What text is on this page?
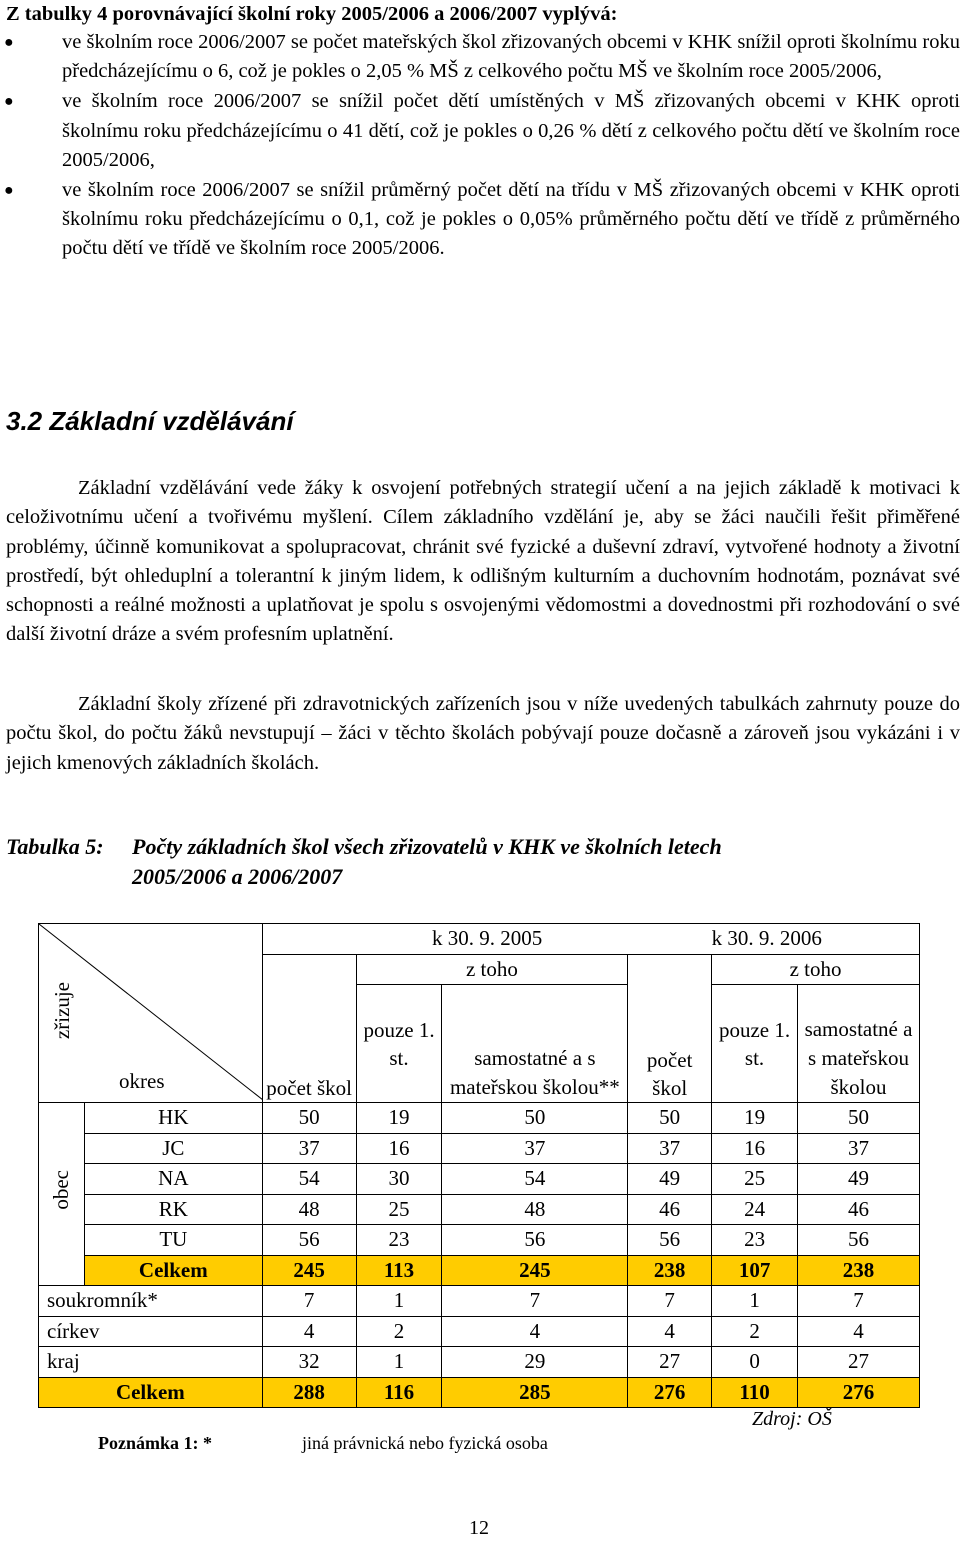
Z tabulky 4 porovnávající školní roky 2005/2006 a 2006/2007 vyplývá:
● ve školním roce 2006/2007 se počet mateřských škol zřizovaných obcemi v KHK snížil oproti školnímu roku předcházejícímu o 6, což je pokles o 2,05 % MŠ z celkového počtu MŠ ve školním roce 2005/2006,
● ve školním roce 2006/2007 se snížil počet dětí umístěných v MŠ zřizovaných obcemi v KHK oproti školnímu roku předcházejícímu o 41 dětí, což je pokles o 0,26 % dětí z celkového počtu dětí ve školním roce 2005/2006,
● ve školním roce 2006/2007 se snížil průměrný počet dětí na třídu v MŠ zřizovaných obcemi v KHK oproti školnímu roku předcházejícímu o 0,1, což je pokles o 0,05% průměrného počtu dětí ve třídě z průměrného počtu dětí ve třídě ve školním roce 2005/2006.
3.2 Základní vzdělávání

Základní vzdělávání vede žáky k osvojení potřebných strategií učení a na jejich základě k motivaci k celoživotnímu učení a tvořivému myšlení. Cílem základního vzdělání je, aby se žáci naučili řešit přiměřené problémy, účinně komunikovat a spolupracovat, chránit své fyzické a duševní zdraví, vytvořené hodnoty a životní prostředí, být ohleduplní a tolerantní k jiným lidem, k odlišným kulturním a duchovním hodnotám, poznávat své schopnosti a reálné možnosti a uplatňovat je spolu s osvojenými vědomostmi a dovednostmi při rozhodování o své další životní dráze a svém profesním uplatnění.

Základní školy zřízené při zdravotnických zařízeních jsou v níže uvedených tabulkách zahrnuty pouze do počtu škol, do počtu žáků nevstupují – žáci v těchto školách pobývají pouze dočasně a zároveň jsou vykázáni i v jejich kmenových základních školách.

Tabulka 5: Počty základních škol všech zřizovatelů v KHK ve školních letech
2005/2006 a 2006/2007
zřizuje
okres		k 30. 9. 2005				k 30. 9. 2006	
			z toho			z toho	
		počet škol	pouze 1. st.	samostatné a s mateřskou školou**	počet škol	pouze 1. st.	samostatné a s mateřskou školou
obec	HK	50	19	50	50	19	50
	JC	37	16	37	37	16	37
	NA	54	30	54	49	25	49
	RK	48	25	48	46	24	46
	TU	56	23	56	56	23	56
	Celkem	245	113	245	238	107	238
soukromník*		7	1	7	7	1	7
církev		4	2	4	4	2	4
kraj		32	1	29	27	0	27
Celkem		288	116	285	276	110	276
Zdroj: OŠ
Poznámka 1: *	jiná právnická nebo fyzická osoba
12
